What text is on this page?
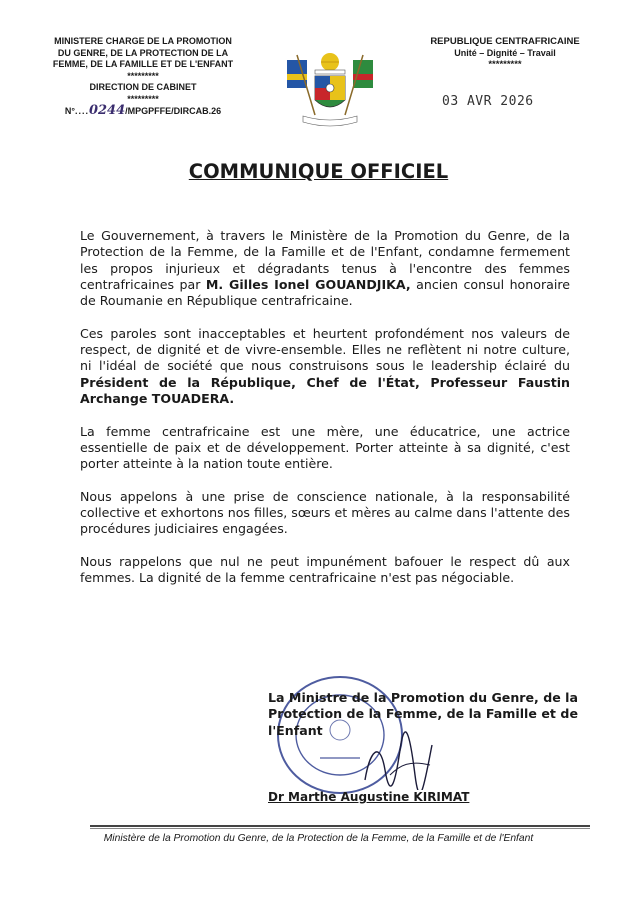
MINISTERE CHARGE DE LA PROMOTION
DU GENRE, DE LA PROTECTION DE LA
FEMME, DE LA FAMILLE ET DE L'ENFANT
*********
DIRECTION DE CABINET
*********
N°....0244/MPGPFFE/DIRCAB.26
REPUBLIQUE CENTRAFRICAINE
Unité – Dignité – Travail
*********
03 AVR 2026
COMMUNIQUE OFFICIEL

Le Gouvernement, à travers le Ministère de la Promotion du Genre, de la Protection de la Femme, de la Famille et de l'Enfant, condamne fermement les propos injurieux et dégradants tenus à l'encontre des femmes centrafricaines par M. Gilles Ionel GOUANDJIKA, ancien consul honoraire de Roumanie en République centrafricaine.

Ces paroles sont inacceptables et heurtent profondément nos valeurs de respect, de dignité et de vivre-ensemble. Elles ne reflètent ni notre culture, ni l'idéal de société que nous construisons sous le leadership éclairé du Président de la République, Chef de l'État, Professeur Faustin Archange TOUADERA.

La femme centrafricaine est une mère, une éducatrice, une actrice essentielle de paix et de développement. Porter atteinte à sa dignité, c'est porter atteinte à la nation toute entière.

Nous appelons à une prise de conscience nationale, à la responsabilité collective et exhortons nos filles, sœurs et mères au calme dans l'attente des procédures judiciaires engagées.

Nous rappelons que nul ne peut impunément bafouer le respect dû aux femmes. La dignité de la femme centrafricaine n'est pas négociable.

La Ministre de la Promotion du Genre, de la Protection de la Femme, de la Famille et de l'Enfant
Dr Marthe Augustine KIRIMAT
Ministère de la Promotion du Genre, de la Protection de la Femme, de la Famille et de l'Enfant
